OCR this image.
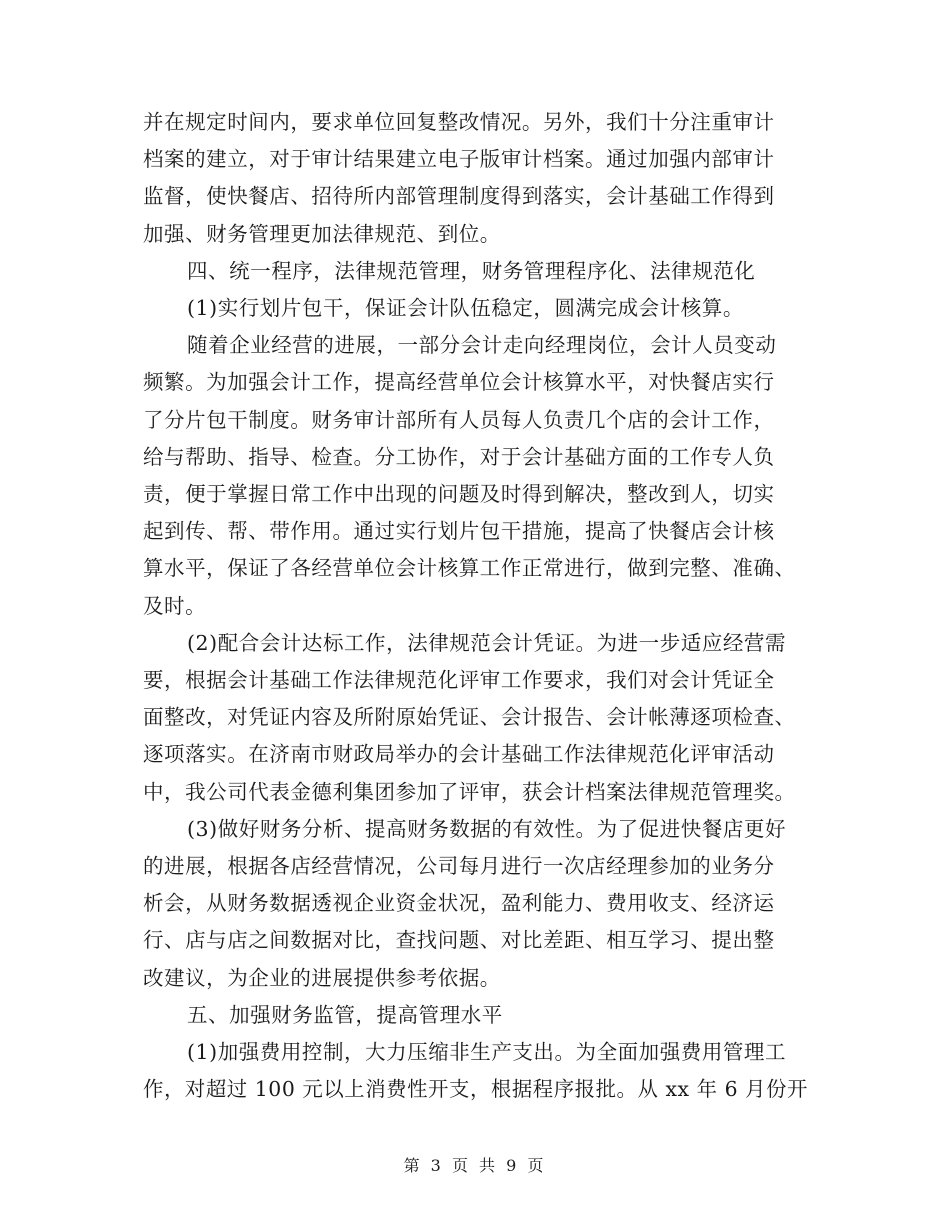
并在规定时间内，要求单位回复整改情况。另外，我们十分注重审计
档案的建立，对于审计结果建立电子版审计档案。通过加强内部审计
监督，使快餐店、招待所内部管理制度得到落实，会计基础工作得到
加强、财务管理更加法律规范、到位。
四、统一程序，法律规范管理，财务管理程序化、法律规范化
(1)实行划片包干，保证会计队伍稳定，圆满完成会计核算。
随着企业经营的进展，一部分会计走向经理岗位，会计人员变动
频繁。为加强会计工作，提高经营单位会计核算水平，对快餐店实行
了分片包干制度。财务审计部所有人员每人负责几个店的会计工作，
给与帮助、指导、检查。分工协作，对于会计基础方面的工作专人负
责，便于掌握日常工作中出现的问题及时得到解决，整改到人，切实
起到传、帮、带作用。通过实行划片包干措施，提高了快餐店会计核
算水平，保证了各经营单位会计核算工作正常进行，做到完整、准确、
及时。
(2)配合会计达标工作，法律规范会计凭证。为进一步适应经营需
要，根据会计基础工作法律规范化评审工作要求，我们对会计凭证全
面整改，对凭证内容及所附原始凭证、会计报告、会计帐薄逐项检查、
逐项落实。在济南市财政局举办的会计基础工作法律规范化评审活动
中，我公司代表金德利集团参加了评审，获会计档案法律规范管理奖。
(3)做好财务分析、提高财务数据的有效性。为了促进快餐店更好
的进展，根据各店经营情况，公司每月进行一次店经理参加的业务分
析会，从财务数据透视企业资金状况，盈利能力、费用收支、经济运
行、店与店之间数据对比，查找问题、对比差距、相互学习、提出整
改建议，为企业的进展提供参考依据。
五、加强财务监管，提高管理水平
(1)加强费用控制，大力压缩非生产支出。为全面加强费用管理工
作，对超过 100 元以上消费性开支，根据程序报批。从 xx 年 6 月份开
第 3 页 共 9 页
